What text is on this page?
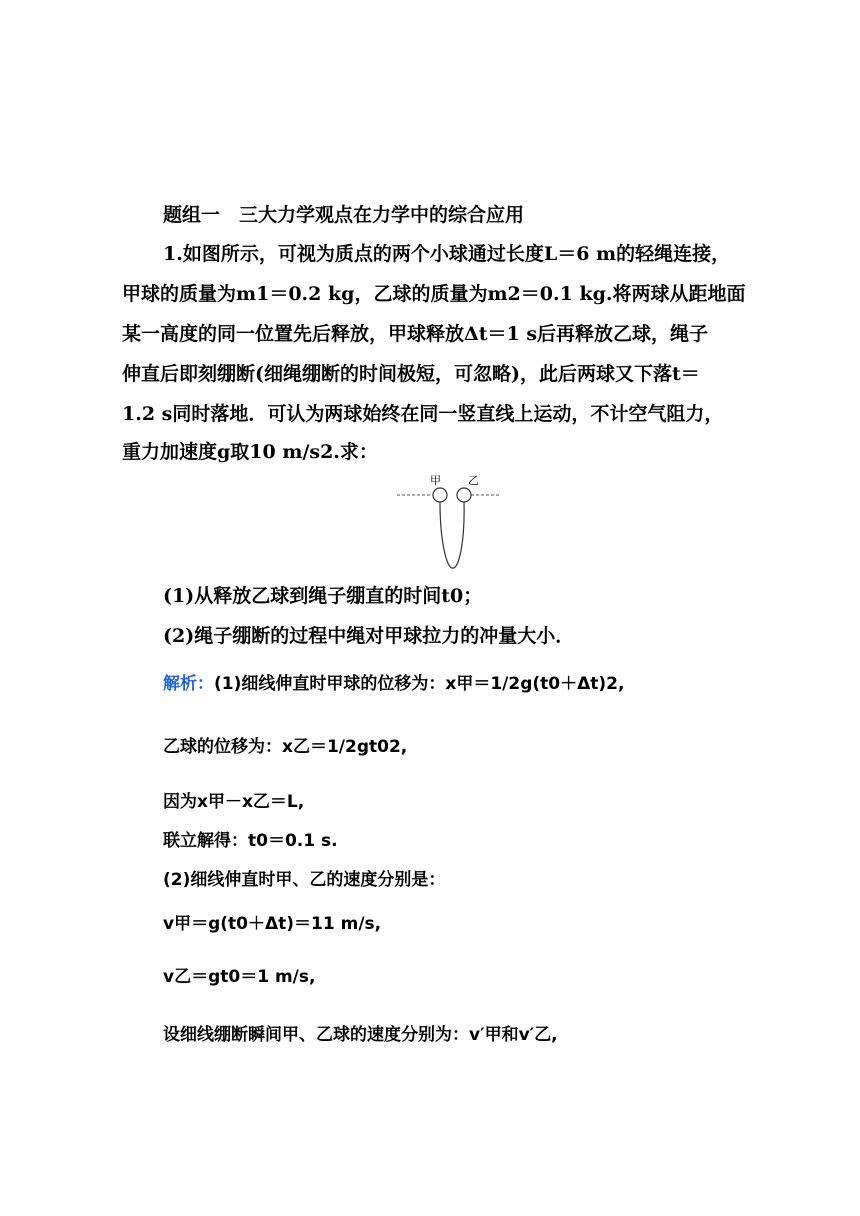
题组一　三大力学观点在力学中的综合应用
1.如图所示，可视为质点的两个小球通过长度L＝6 m的轻绳连接，
甲球的质量为m1＝0.2 kg，乙球的质量为m2＝0.1 kg.将两球从距地面
某一高度的同一位置先后释放，甲球释放Δt＝1 s后再释放乙球，绳子
伸直后即刻绷断(细绳绷断的时间极短，可忽略)，此后两球又下落t＝
1.2 s同时落地．可认为两球始终在同一竖直线上运动，不计空气阻力，
重力加速度g取10 m/s2.求：
甲 乙
(1)从释放乙球到绳子绷直的时间t0；
(2)绳子绷断的过程中绳对甲球拉力的冲量大小．
解析：(1)细线伸直时甲球的位移为：x甲＝1/2g(t0＋Δt)2,
乙球的位移为：x乙＝1/2gt02,
因为x甲－x乙＝L,
联立解得：t0＝0.1 s.
(2)细线伸直时甲、乙的速度分别是：
v甲＝g(t0＋Δt)＝11 m/s,
v乙＝gt0＝1 m/s,
设细线绷断瞬间甲、乙球的速度分别为：v′甲和v′乙,
